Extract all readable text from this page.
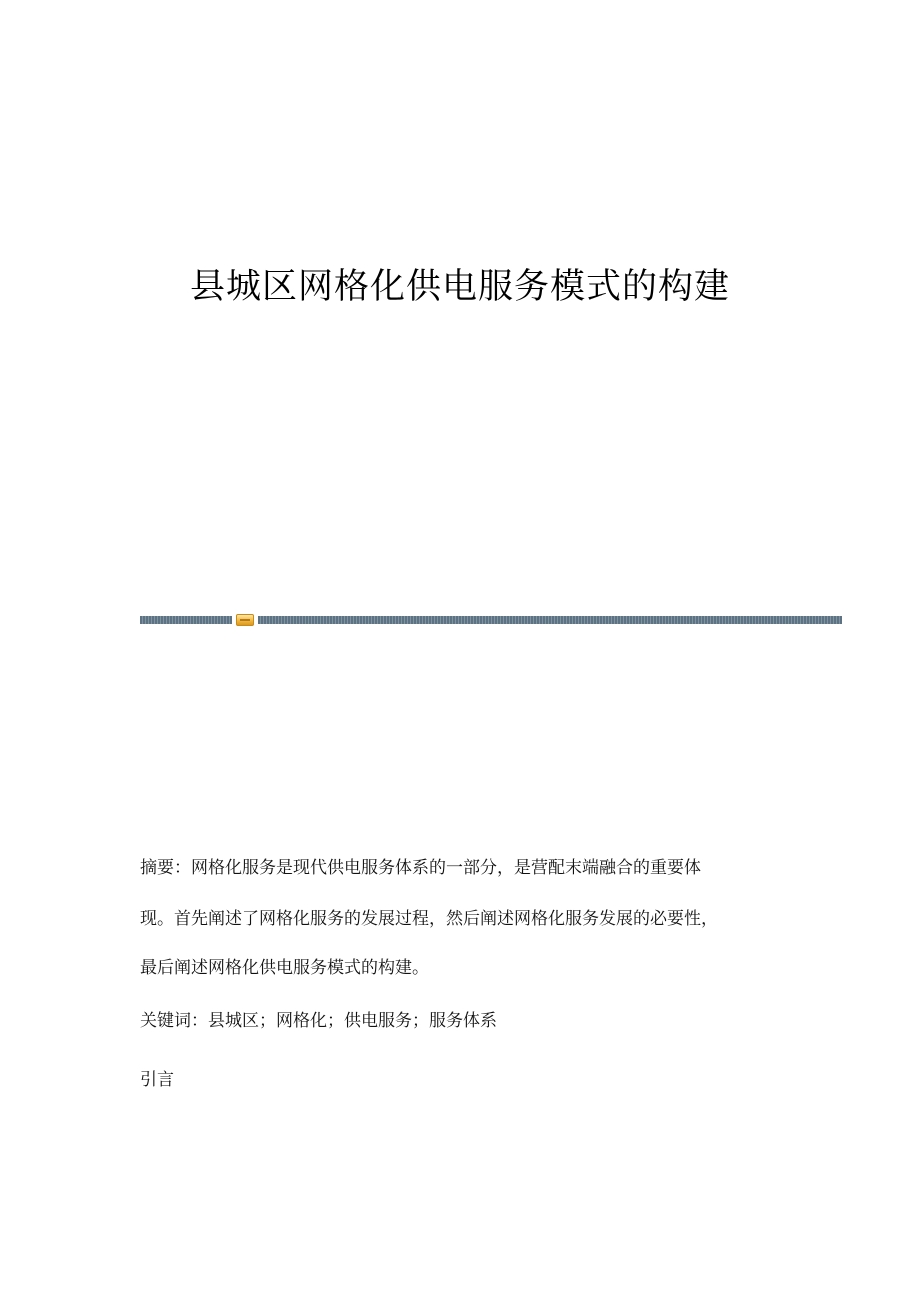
县城区网格化供电服务模式的构建
摘要：网格化服务是现代供电服务体系的一部分，是营配末端融合的重要体
现。首先阐述了网格化服务的发展过程，然后阐述网格化服务发展的必要性，
最后阐述网格化供电服务模式的构建。
关键词：县城区；网格化；供电服务；服务体系
引言
